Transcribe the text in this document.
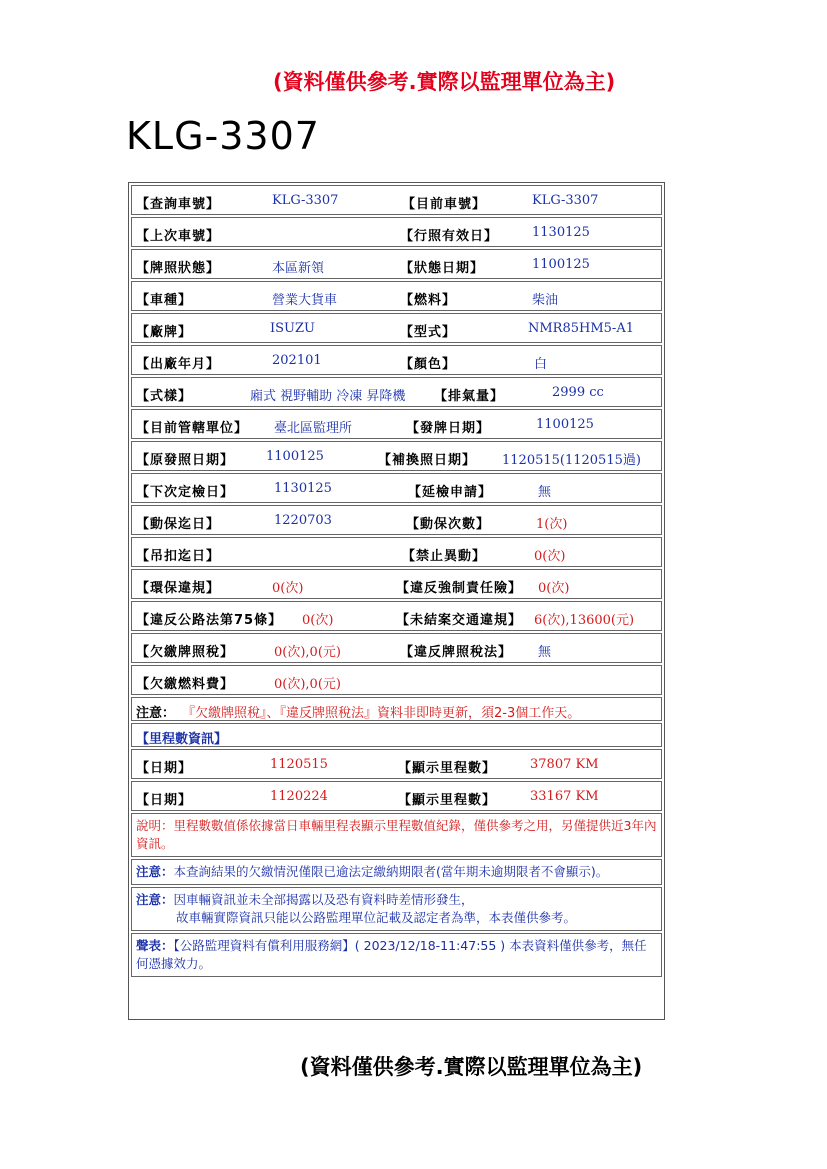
(資料僅供參考.實際以監理單位為主)
KLG-3307
【查詢車號】	KLG-3307	【目前車號】	KLG-3307
【上次車號】	【行照有效日】	1130125
【牌照狀態】	本區新領	【狀態日期】	1100125
【車種】	營業大貨車	【燃料】	柴油
【廠牌】	ISUZU	【型式】	NMR85HM5-A1
【出廠年月】	202101	【顏色】	白
【式樣】	廂式 視野輔助 冷凍 昇降機 【排氣量】	2999 cc
【目前管轄單位】 臺北區監理所	【發牌日期】	1100125
【原發照日期】 1100125	【補換照日期】 1120515(1120515過)
【下次定檢日】	1130125	【延檢申請】	無
【動保迄日】	1220703	【動保次數】	1(次)
【吊扣迄日】	【禁止異動】	0(次)
【環保違規】	0(次)	【違反強制責任險】 0(次)
【違反公路法第75條】 0(次)	【未結案交通違規】 6(次),13600(元)
【欠繳牌照稅】	0(次),0(元)	【違反牌照稅法】 無
【欠繳燃料費】	0(次),0(元)
注意： 『欠繳牌照稅』、『違反牌照稅法』資料非即時更新，須2-3個工作天。
【里程數資訊】
【日期】	1120515	【顯示里程數】	37807 KM
【日期】	1120224	【顯示里程數】	33167 KM
說明：里程數數值係依據當日車輛里程表顯示里程數值紀錄，僅供參考之用，另僅提供近3年內資訊。
注意：本查詢結果的欠繳情況僅限已逾法定繳納期限者(當年期未逾期限者不會顯示)。
注意：因車輛資訊並未全部揭露以及恐有資料時差情形發生，
故車輛實際資訊只能以公路監理單位記載及認定者為準，本表僅供參考。
聲表：【公路監理資料有償利用服務網】( 2023/12/18-11:47:55 ) 本表資料僅供參考，無任何憑據效力。
(資料僅供參考.實際以監理單位為主)
